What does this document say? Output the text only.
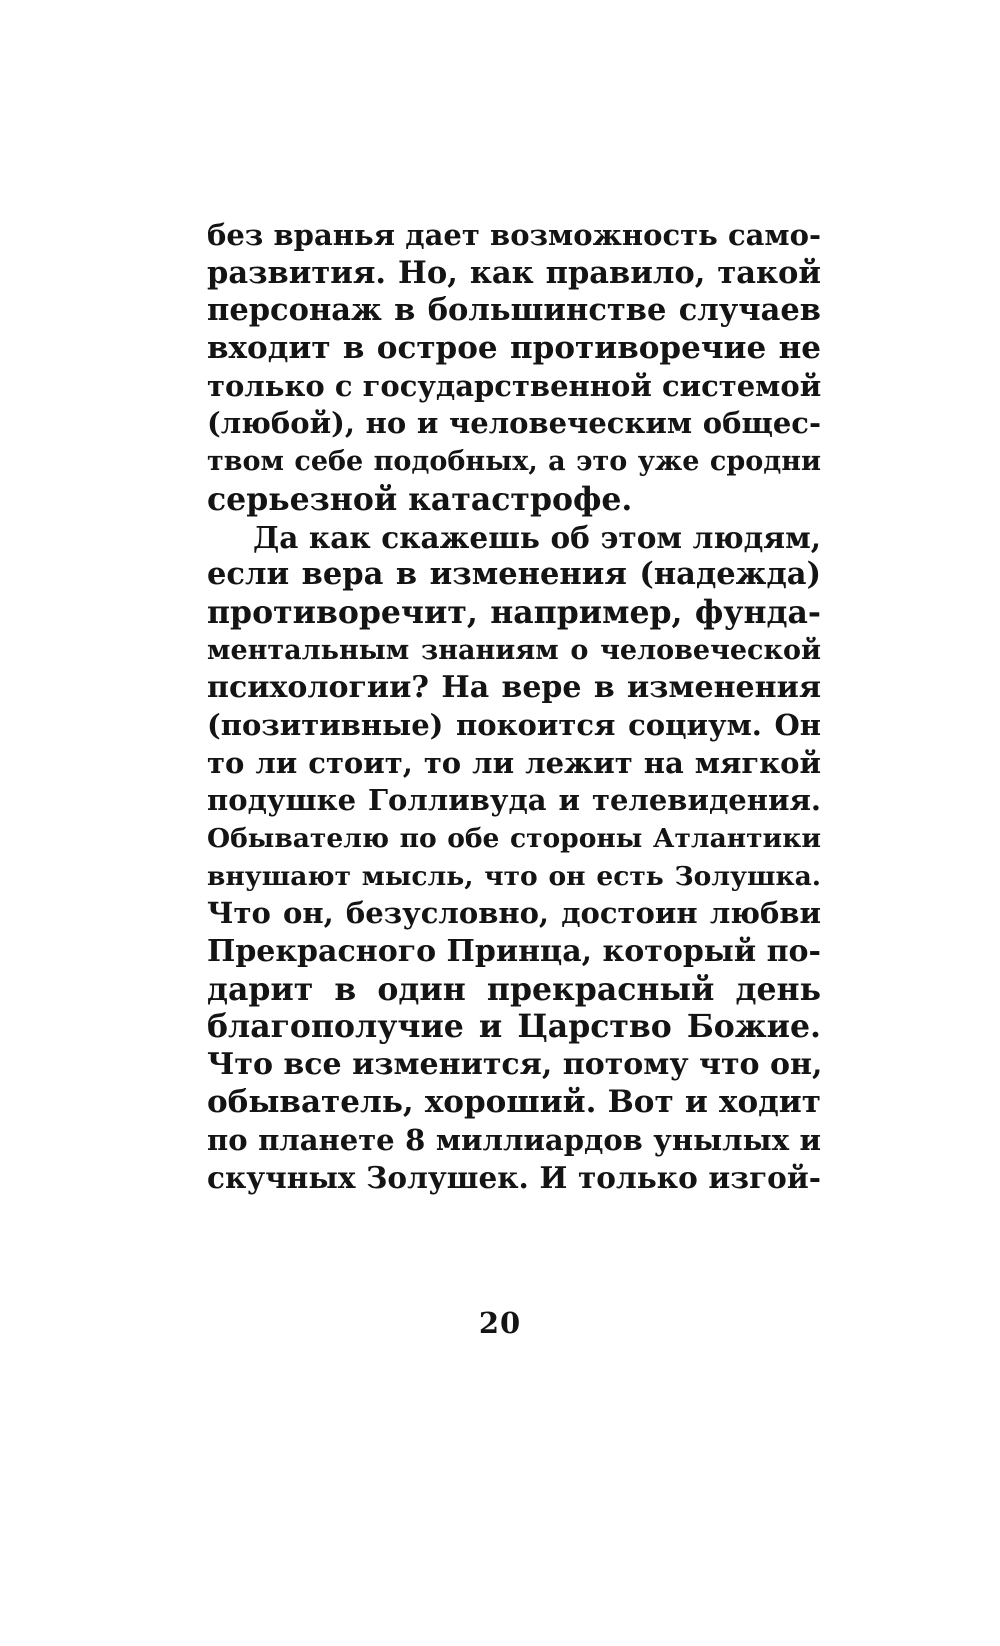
без вранья дает возможность само-
развития. Но, как правило, такой
персонаж в большинстве случаев
входит в острое противоречие не
только с государственной системой
(любой), но и человеческим общес-
твом себе подобных, а это уже сродни
серьезной катастрофе.
Да как скажешь об этом людям,
если вера в изменения (надежда)
противоречит, например, фунда-
ментальным знаниям о человеческой
психологии? На вере в изменения
(позитивные) покоится социум. Он
то ли стоит, то ли лежит на мягкой
подушке Голливуда и телевидения.
Обывателю по обе стороны Атлантики
внушают мысль, что он есть Золушка.
Что он, безусловно, достоин любви
Прекрасного Принца, который по-
дарит в один прекрасный день
благополучие и Царство Божие.
Что все изменится, потому что он,
обыватель, хороший. Вот и ходит
по планете 8 миллиардов унылых и
скучных Золушек. И только изгой-
20
